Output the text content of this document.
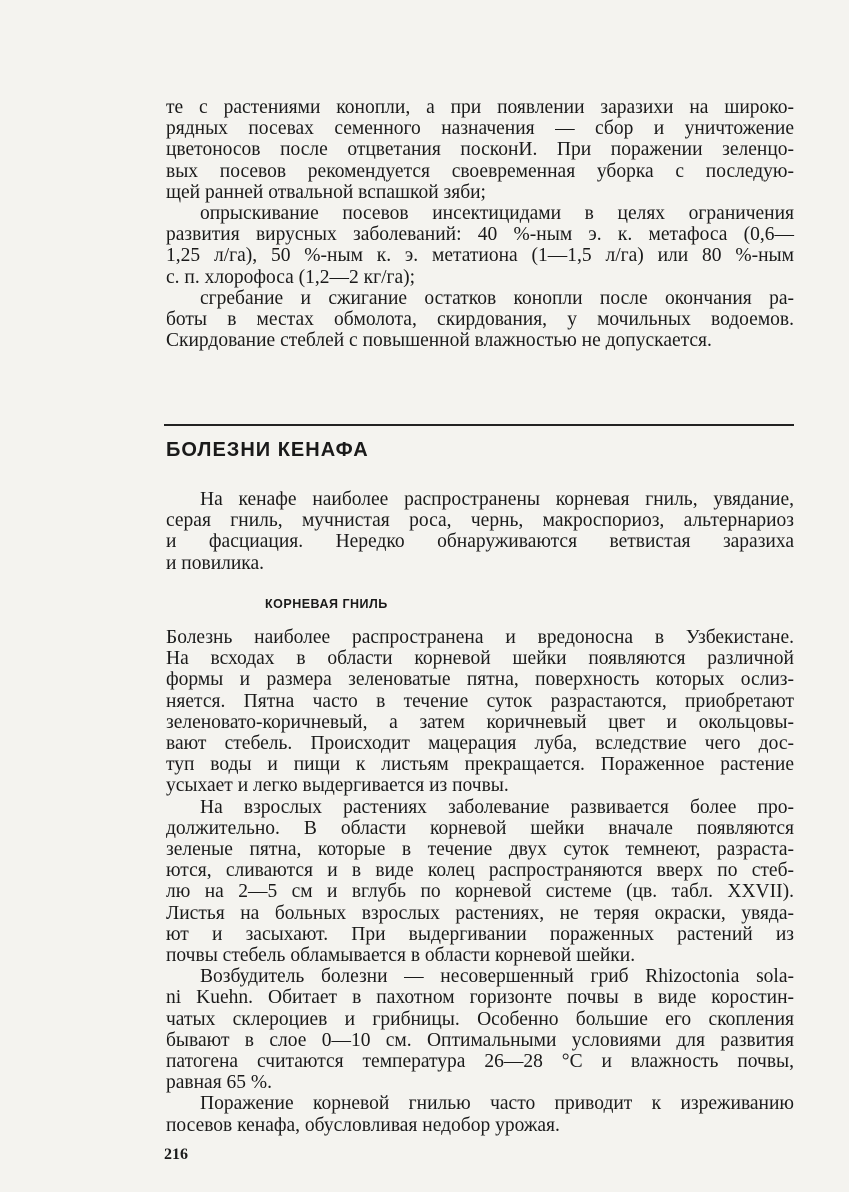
те с растениями конопли, а при появлении заразихи на широко-
рядных посевах семенного назначения — сбор и уничтожение
цветоносов после отцветания посконИ. При поражении зеленцо-
вых посевов рекомендуется своевременная уборка с последую-
щей ранней отвальной вспашкой зяби;
опрыскивание посевов инсектицидами в целях ограничения
развития вирусных заболеваний: 40 %-ным э. к. метафоса (0,6—
1,25 л/га), 50 %-ным к. э. метатиона (1—1,5 л/га) или 80 %-ным
с. п. хлорофоса (1,2—2 кг/га);
сгребание и сжигание остатков конопли после окончания ра-
боты в местах обмолота, скирдования, у мочильных водоемов.
Скирдование стеблей с повышенной влажностью не допускается.
БОЛЕЗНИ КЕНАФА
На кенафе наиболее распространены корневая гниль, увядание,
серая гниль, мучнистая роса, чернь, макроспориоз, альтернариоз
и фасциация. Нередко обнаруживаются ветвистая заразиха
и повилика.
КОРНЕВАЯ ГНИЛЬ
Болезнь наиболее распространена и вредоносна в Узбекистане.
На всходах в области корневой шейки появляются различной
формы и размера зеленоватые пятна, поверхность которых ослиз-
няется. Пятна часто в течение суток разрастаются, приобретают
зеленовато-коричневый, а затем коричневый цвет и окольцовы-
вают стебель. Происходит мацерация луба, вследствие чего дос-
туп воды и пищи к листьям прекращается. Пораженное растение
усыхает и легко выдергивается из почвы.
На взрослых растениях заболевание развивается более про-
должительно. В области корневой шейки вначале появляются
зеленые пятна, которые в течение двух суток темнеют, разраста-
ются, сливаются и в виде колец распространяются вверх по стеб-
лю на 2—5 см и вглубь по корневой системе (цв. табл. XXVII).
Листья на больных взрослых растениях, не теряя окраски, увяда-
ют и засыхают. При выдергивании пораженных растений из
почвы стебель обламывается в области корневой шейки.
Возбудитель болезни — несовершенный гриб Rhizoctonia sola-
ni Kuehn. Обитает в пахотном горизонте почвы в виде коростин-
чатых склероциев и грибницы. Особенно большие его скопления
бывают в слое 0—10 см. Оптимальными условиями для развития
патогена считаются температура 26—28 °С и влажность почвы,
равная 65 %.
Поражение корневой гнилью часто приводит к изреживанию
посевов кенафа, обусловливая недобор урожая.
216
